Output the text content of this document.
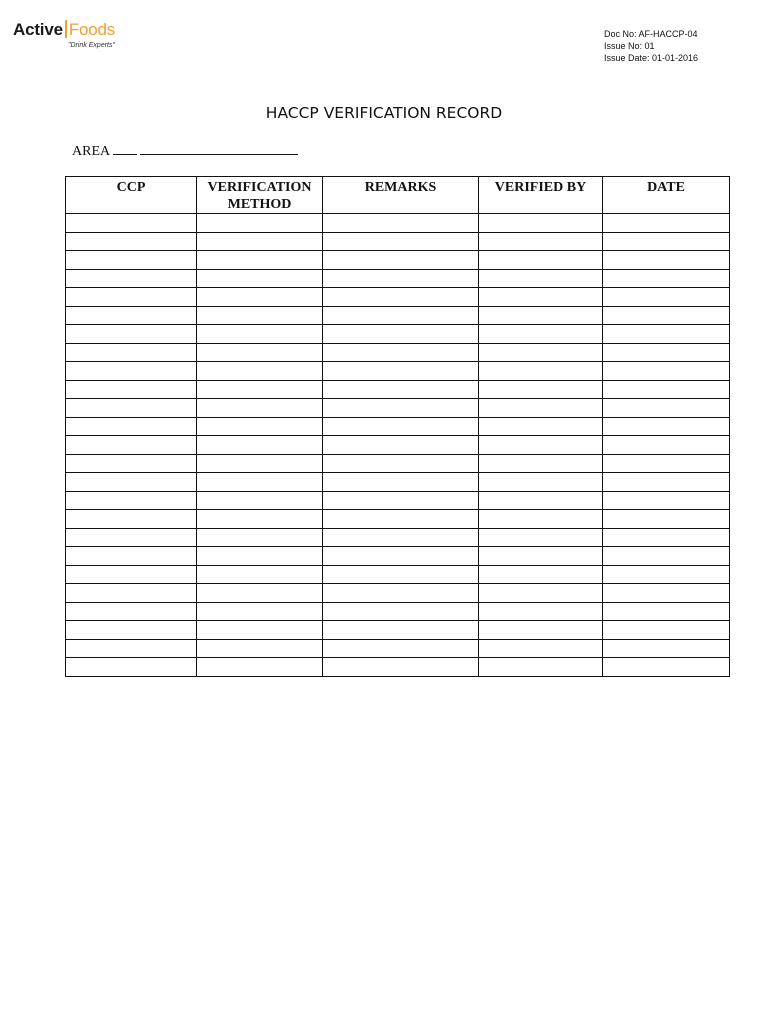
Active Foods
"Drink Experts"
Doc No: AF-HACCP-04
Issue No: 01
Issue Date: 01-01-2016
HACCP VERIFICATION RECORD
AREA
CCP	VERIFICATION METHOD	REMARKS	VERIFIED BY	DATE
